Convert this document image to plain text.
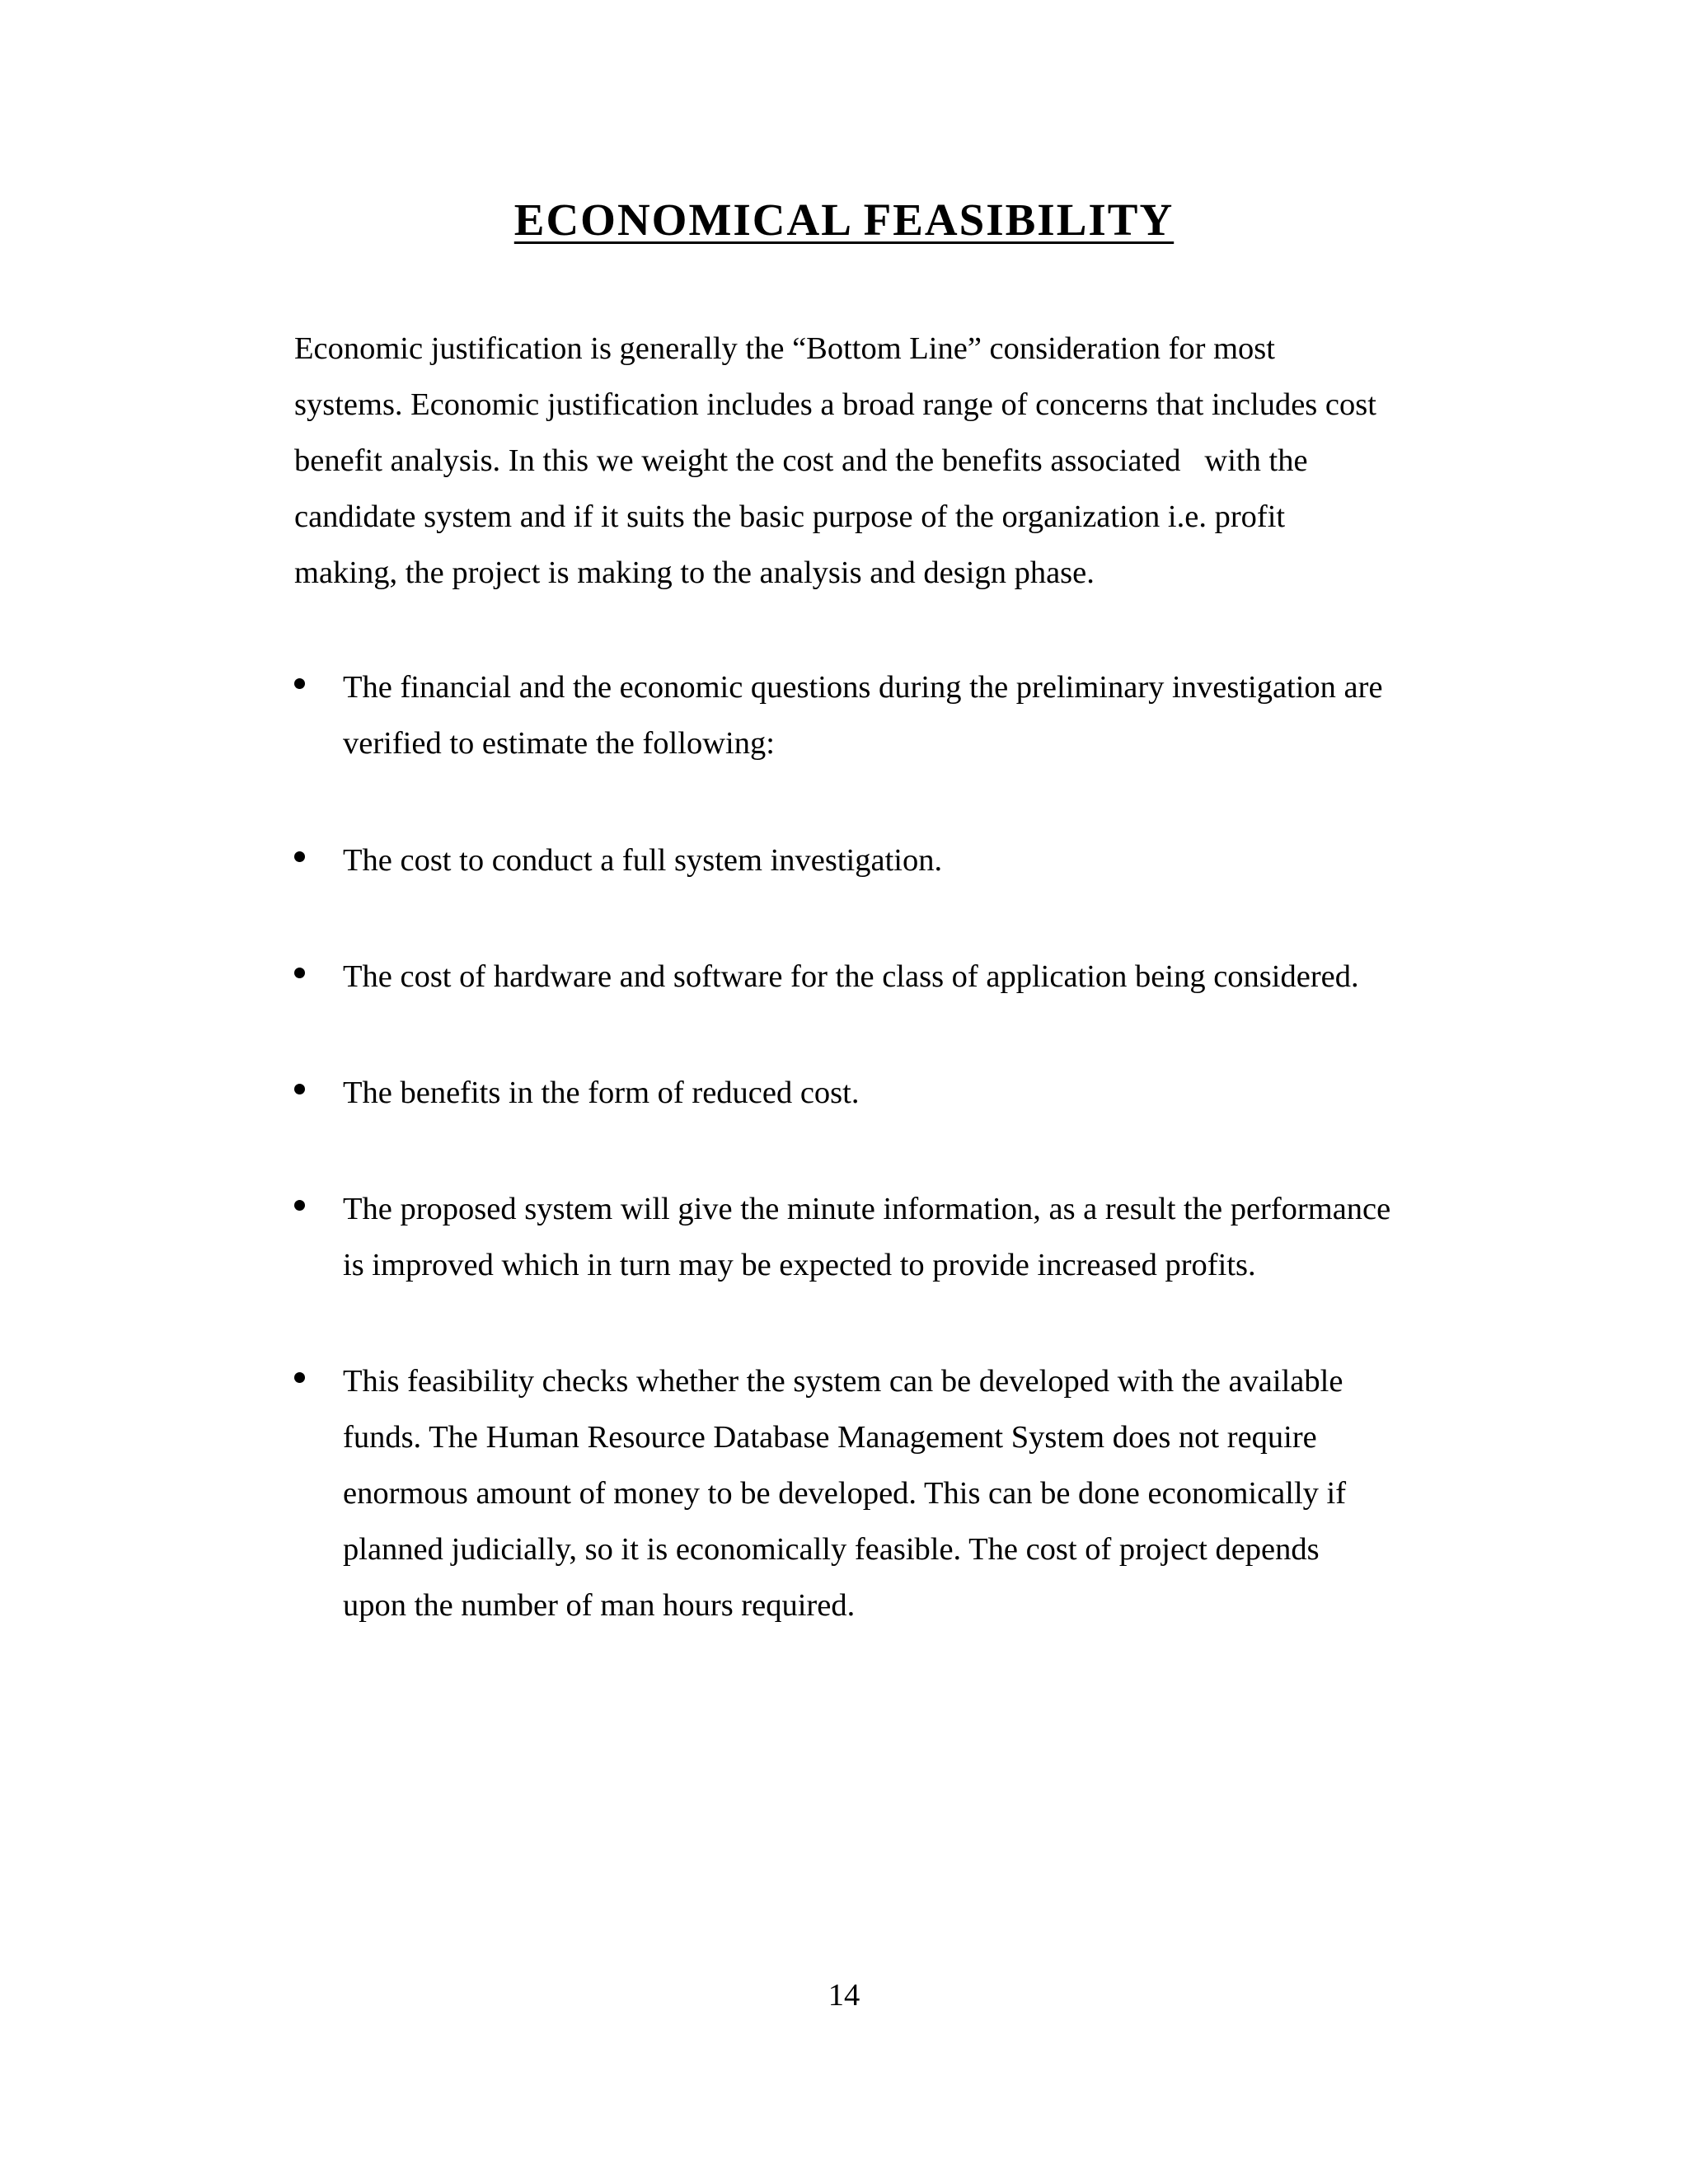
ECONOMICAL FEASIBILITY

Economic justification is generally the “Bottom Line” consideration for most
systems. Economic justification includes a broad range of concerns that includes cost
benefit analysis. In this we weight the cost and the benefits associated   with the
candidate system and if it suits the basic purpose of the organization i.e. profit
making, the project is making to the analysis and design phase.

The financial and the economic questions during the preliminary investigation are
verified to estimate the following:
The cost to conduct a full system investigation.
The cost of hardware and software for the class of application being considered.
The benefits in the form of reduced cost.
The proposed system will give the minute information, as a result the performance
is improved which in turn may be expected to provide increased profits.
This feasibility checks whether the system can be developed with the available
funds. The Human Resource Database Management System does not require
enormous amount of money to be developed. This can be done economically if
planned judicially, so it is economically feasible. The cost of project depends
upon the number of man hours required.
14
